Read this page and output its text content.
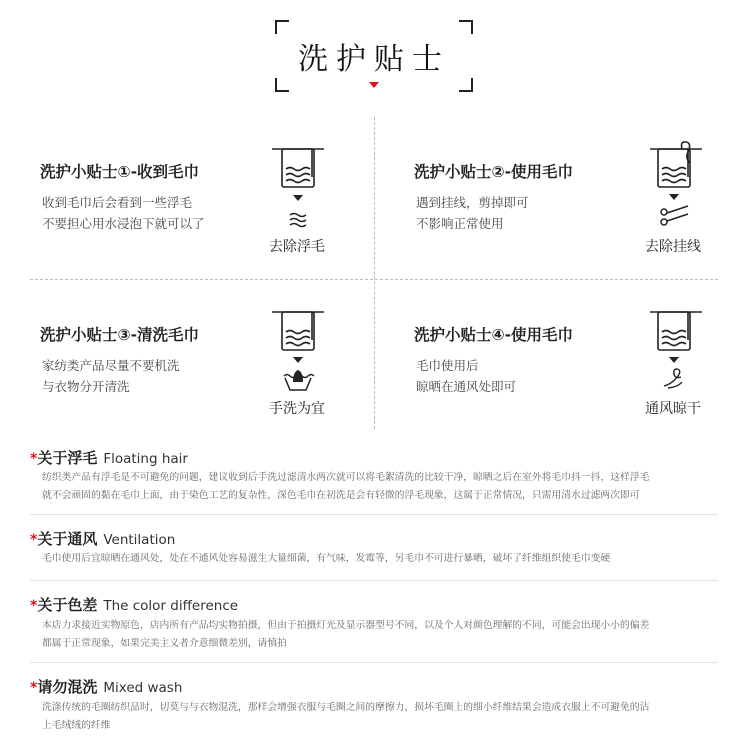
洗护贴士
洗护小贴士①-收到毛巾
收到毛巾后会看到一些浮毛
不要担心用水浸泡下就可以了
去除浮毛
洗护小贴士②-使用毛巾
遇到挂线，剪掉即可
不影响正常使用
去除挂线
洗护小贴士③-清洗毛巾
家纺类产品尽量不要机洗
与衣物分开清洗
手洗为宜
洗护小贴士④-使用毛巾
毛巾使用后
晾晒在通风处即可
通风晾干
*关于浮毛 Floating hair
纺织类产品有浮毛是不可避免的问题，建议收到后手洗过滤清水两次就可以将毛絮清洗的比较干净，晾晒之后在室外将毛巾抖一抖，这样浮毛
就不会顽固的黏在毛巾上面，由于染色工艺的复杂性，深色毛巾在初洗是会有轻微的浮毛现象，这属于正常情况，只需用清水过滤两次即可
*关于通风 Ventilation
毛巾使用后宜晾晒在通风处，处在不通风处容易滋生大量细菌，有气味，发霉等，另毛巾不可进行暴晒，破坏了纤维组织使毛巾变硬
*关于色差 The color difference
本店力求接近实物原色，店内所有产品均实物拍摄，但由于拍摄灯光及显示器型号不同，以及个人对颜色理解的不同，可能会出现小小的偏差
都属于正常现象，如果完美主义者介意细微差别，请慎拍
*请勿混洗 Mixed wash
洗涤传统的毛圈纺织品时，切莫与与衣物混洗，那样会增强衣服与毛圈之间的摩擦力，损坏毛圈上的细小纤维结果会造成衣服上不可避免的沾
上毛绒绒的纤维
